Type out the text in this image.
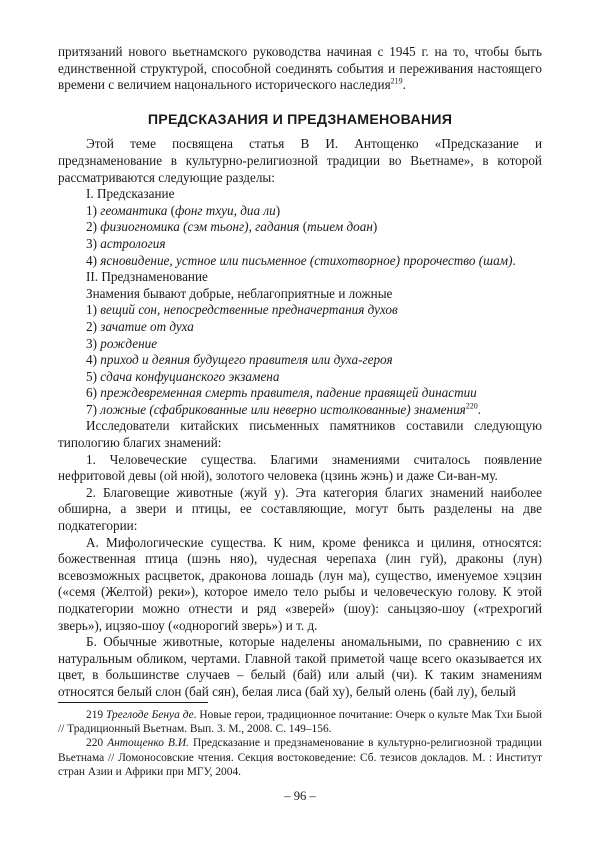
притязаний нового вьетнамского руководства начиная с 1945 г. на то, чтобы быть единственной структурой, способной соединять события и переживания настоящего времени с величием нацонального исторического наследия$^{219}$.

ПРЕДСКАЗАНИЯ И ПРЕДЗНАМЕНОВАНИЯ

Этой теме посвящена статья В И. Антощенко «Предсказание и предзнаменование в культурно-религиозной традиции во Вьетнаме», в которой рассматриваются следующие разделы:

I. Предсказание

1) геомантика (фонг тхуи, диа ли)

2) физиогномика (сэм тьонг), гадания (тьием доан)

3) астрология

4) ясновидение, устное или письменное (стихотворное) пророчество (шам).

II. Предзнаменование

Знамения бывают добрые, неблагоприятные и ложные

1) вещий сон, непосредственные предначертания духов

2) зачатие от духа

3) рождение

4) приход и деяния будущего правителя или духа-героя

5) сдача конфуцианского экзамена

6) преждевременная смерть правителя, падение правящей династии

7) ложные (сфабрикованные или неверно истолкованные) знамения$^{220}$.

Исследователи китайских письменных памятников составили следующую типологию благих знамений:

1. Человеческие существа. Благими знамениями считалось появление нефритовой девы (ой нюй), золотого человека (цзинь жэнь) и даже Си-ван-му.

2. Благовещие животные (жуй у). Эта категория благих знамений наиболее обширна, а звери и птицы, ее составляющие, могут быть разделены на две подкатегории:

А. Мифологические существа. К ним, кроме феникса и цилиня, относятся: божественная птица (шэнь няо), чудесная черепаха (лин гуй), драконы (лун) всевозможных расцветок, драконова лошадь (лун ма), существо, именуемое хэцзин («семя (Желтой) реки»), которое имело тело рыбы и человеческую голову. К этой подкатегории можно отнести и ряд «зверей» (шоу): саньцзяо-шоу («трехрогий зверь»), ицзяо-шоу («однорогий зверь») и т. д.

Б. Обычные животные, которые наделены аномальными, по сравнению с их натуральным обликом, чертами. Главной такой приметой чаще всего оказывается их цвет, в большинстве случаев – белый (бай) или алый (чи). К таким знамениям относятся белый слон (бай сян), белая лиса (бай ху), белый олень (бай лу), белый

219 Треглоде Бенуа де. Новые герои, традиционное почитание: Очерк о культе Мак Тхи Быой // Традиционный Вьетнам. Вып. 3. М., 2008. С. 149–156.

220 Антощенко В.И. Предсказание и предзнаменование в культурно-религиозной традиции Вьетнама // Ломоносовские чтения. Секция востоковедение: Сб. тезисов докладов. М. : Институт стран Азии и Африки при МГУ, 2004.

– 96 –
